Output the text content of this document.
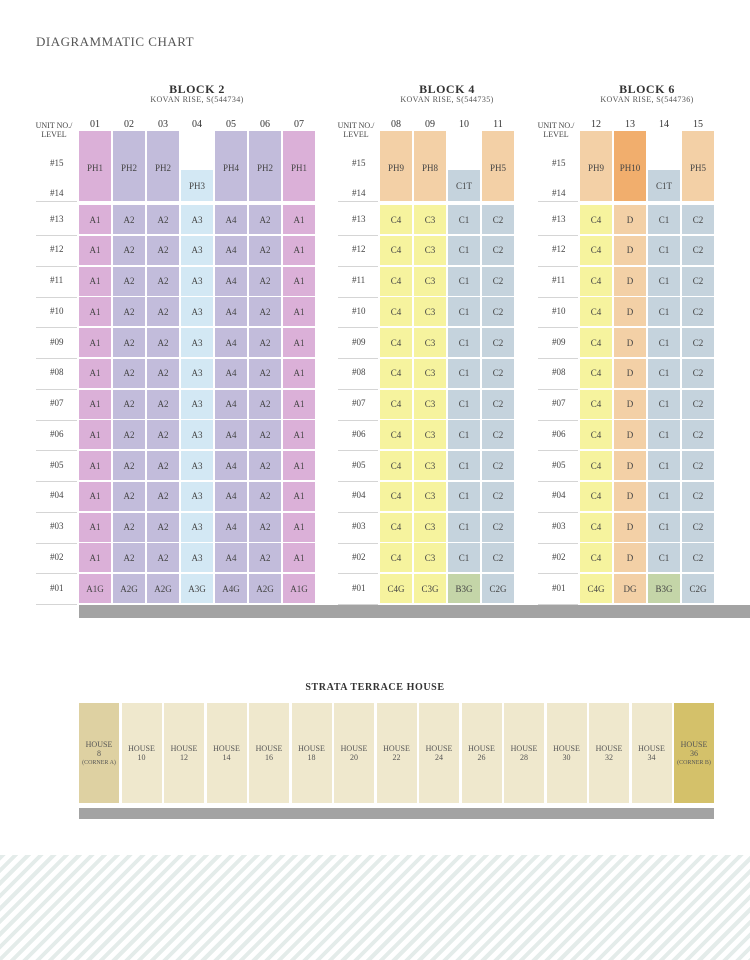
DIAGRAMMATIC CHART
BLOCK 2
KOVAN RISE, S(544734)
UNIT NO./ LEVEL
#15
#14
#13
#12
#11
#10
#09
#08
#07
#06
#05
#04
#03
#02
#01
01
PH1
A1
A1
A1
A1
A1
A1
A1
A1
A1
A1
A1
A1
A1G
02
PH2
A2
A2
A2
A2
A2
A2
A2
A2
A2
A2
A2
A2
A2G
03
PH2
A2
A2
A2
A2
A2
A2
A2
A2
A2
A2
A2
A2
A2G
04
PH3
A3
A3
A3
A3
A3
A3
A3
A3
A3
A3
A3
A3
A3G
05
PH4
A4
A4
A4
A4
A4
A4
A4
A4
A4
A4
A4
A4
A4G
06
PH2
A2
A2
A2
A2
A2
A2
A2
A2
A2
A2
A2
A2
A2G
07
PH1
A1
A1
A1
A1
A1
A1
A1
A1
A1
A1
A1
A1
A1G
BLOCK 4
KOVAN RISE, S(544735)
UNIT NO./ LEVEL
#15
#14
#13
#12
#11
#10
#09
#08
#07
#06
#05
#04
#03
#02
#01
08
PH9
C4
C4
C4
C4
C4
C4
C4
C4
C4
C4
C4
C4
C4G
09
PH8
C3
C3
C3
C3
C3
C3
C3
C3
C3
C3
C3
C3
C3G
10
C1T
C1
C1
C1
C1
C1
C1
C1
C1
C1
C1
C1
C1
B3G
11
PH5
C2
C2
C2
C2
C2
C2
C2
C2
C2
C2
C2
C2
C2G
BLOCK 6
KOVAN RISE, S(544736)
UNIT NO./ LEVEL
#15
#14
#13
#12
#11
#10
#09
#08
#07
#06
#05
#04
#03
#02
#01
12
PH9
C4
C4
C4
C4
C4
C4
C4
C4
C4
C4
C4
C4
C4G
13
PH10
D
D
D
D
D
D
D
D
D
D
D
D
DG
14
C1T
C1
C1
C1
C1
C1
C1
C1
C1
C1
C1
C1
C1
B3G
15
PH5
C2
C2
C2
C2
C2
C2
C2
C2
C2
C2
C2
C2
C2G
STRATA TERRACE HOUSE
HOUSE
8
(CORNER A)
HOUSE
10
HOUSE
12
HOUSE
14
HOUSE
16
HOUSE
18
HOUSE
20
HOUSE
22
HOUSE
24
HOUSE
26
HOUSE
28
HOUSE
30
HOUSE
32
HOUSE
34
HOUSE
36
(CORNER B)
